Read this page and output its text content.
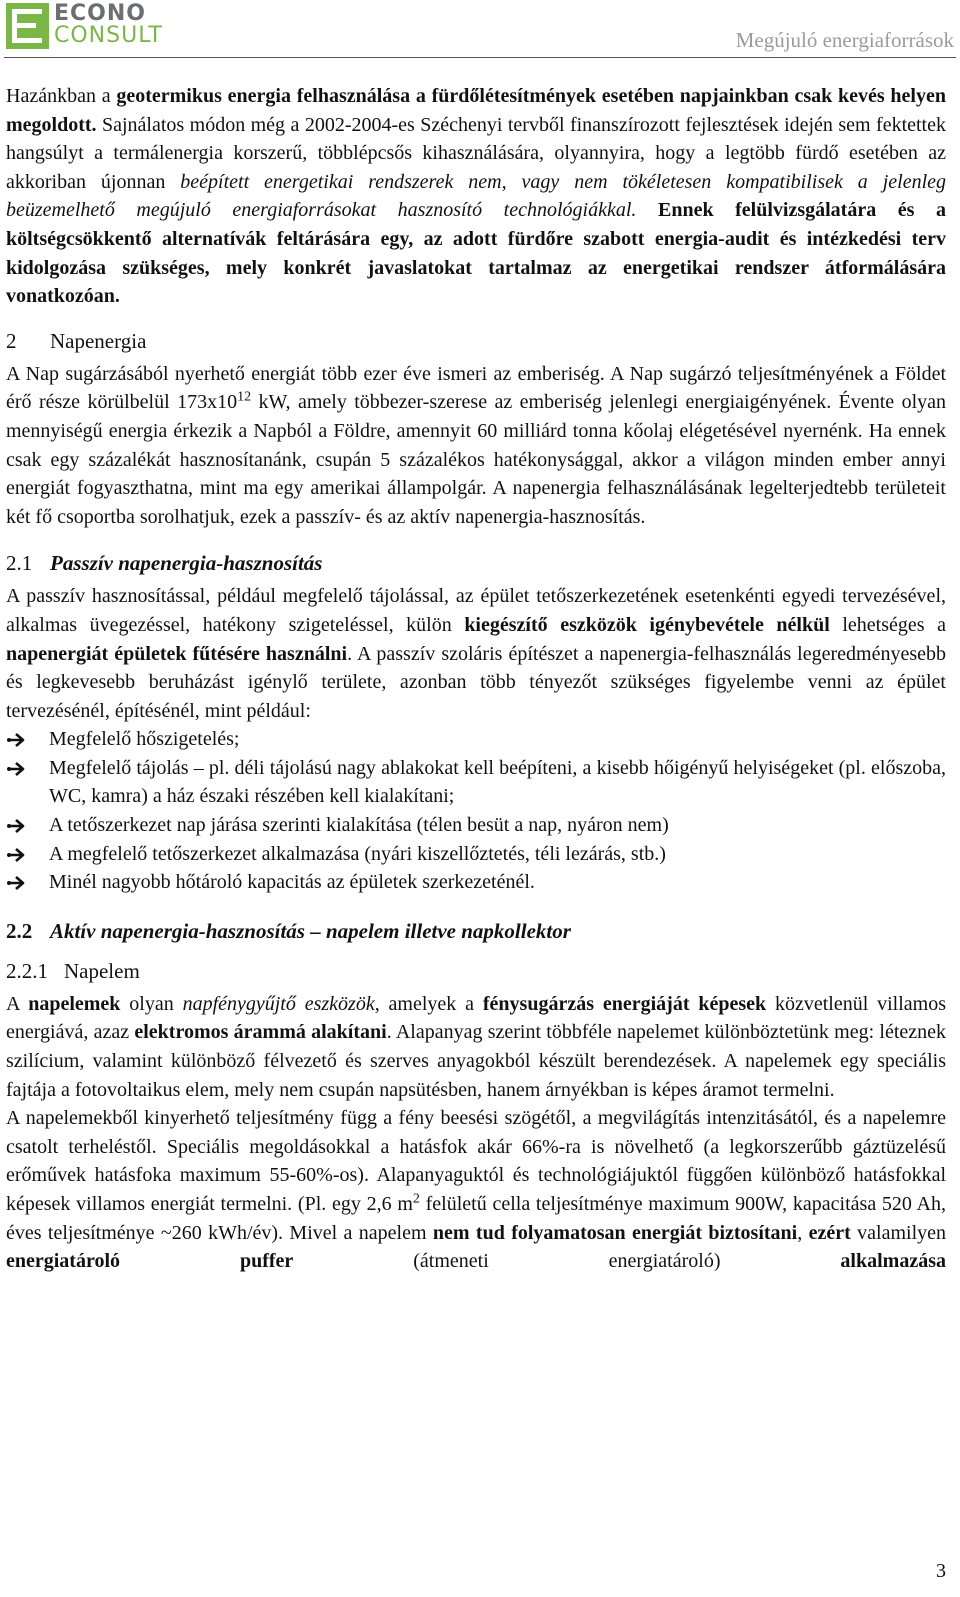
ECONO
CONSULT	Megújuló energiaforrások

Hazánkban a geotermikus energia felhasználása a fürdőlétesítmények esetében napjainkban csak kevés helyen megoldott. Sajnálatos módon még a 2002-2004-es Széchenyi tervből finanszírozott fejlesztések idején sem fektettek hangsúlyt a termálenergia korszerű, többlépcsős kihasználására, olyannyira, hogy a legtöbb fürdő esetében az akkoriban újonnan beépített energetikai rendszerek nem, vagy nem tökéletesen kompatibilisek a jelenleg beüzemelhető megújuló energiaforrásokat hasznosító technológiákkal. Ennek felülvizsgálatára és a költségcsökkentő alternatívák feltárására egy, az adott fürdőre szabott energia-audit és intézkedési terv kidolgozása szükséges, mely konkrét javaslatokat tartalmaz az energetikai rendszer átformálására vonatkozóan.

2 Napenergia

A Nap sugárzásából nyerhető energiát több ezer éve ismeri az emberiség. A Nap sugárzó teljesítményének a Földet érő része körülbelül $173x10^{12}$ kW, amely többezer-szerese az emberiség jelenlegi energiaigényének. Évente olyan mennyiségű energia érkezik a Napból a Földre, amennyit 60 milliárd tonna kőolaj elégetésével nyernénk. Ha ennek csak egy százalékát hasznosítanánk, csupán 5 százalékos hatékonysággal, akkor a világon minden ember annyi energiát fogyaszthatna, mint ma egy amerikai állampolgár. A napenergia felhasználásának legelterjedtebb területeit két fő csoportba sorolhatjuk, ezek a passzív- és az aktív napenergia-hasznosítás.

2.1 Passzív napenergia-hasznosítás

A passzív hasznosítással, például megfelelő tájolással, az épület tetőszerkezetének esetenkénti egyedi tervezésével, alkalmas üvegezéssel, hatékony szigeteléssel, külön kiegészítő eszközök igénybevétele nélkül lehetséges a napenergiát épületek fűtésére használni. A passzív szoláris építészet a napenergia-felhasználás legeredményesebb és legkevesebb beruházást igénylő területe, azonban több tényezőt szükséges figyelembe venni az épület tervezésénél, építésénél, mint például:

Megfelelő hőszigetelés;
Megfelelő tájolás – pl. déli tájolású nagy ablakokat kell beépíteni, a kisebb hőigényű helyiségeket (pl. előszoba, WC, kamra) a ház északi részében kell kialakítani;
A tetőszerkezet nap járása szerinti kialakítása (télen besüt a nap, nyáron nem)
A megfelelő tetőszerkezet alkalmazása (nyári kiszellőztetés, téli lezárás, stb.)
Minél nagyobb hőtároló kapacitás az épületek szerkezeténél.
2.2 Aktív napenergia-hasznosítás – napelem illetve napkollektor
2.2.1 Napelem

A napelemek olyan napfénygyűjtő eszközök, amelyek a fénysugárzás energiáját képesek közvetlenül villamos energiává, azaz elektromos árammá alakítani. Alapanyag szerint többféle napelemet különböztetünk meg: léteznek szilícium, valamint különböző félvezető és szerves anyagokból készült berendezések. A napelemek egy speciális fajtája a fotovoltaikus elem, mely nem csupán napsütésben, hanem árnyékban is képes áramot termelni.

A napelemekből kinyerhető teljesítmény függ a fény beesési szögétől, a megvilágítás intenzitásától, és a napelemre csatolt terheléstől. Speciális megoldásokkal a hatásfok akár 66%-ra is növelhető (a legkorszerűbb gáztüzelésű erőművek hatásfoka maximum 55-60%-os). Alapanyaguktól és technológiájuktól függően különböző hatásfokkal képesek villamos energiát termelni. (Pl. egy 2,6 $m^2$ felületű cella teljesítménye maximum 900W, kapacitása 520 Ah, éves teljesítménye ~260 kWh/év). Mivel a napelem nem tud folyamatosan energiát biztosítani, ezért valamilyen energiatároló puffer (átmeneti energiatároló) alkalmazása

3
